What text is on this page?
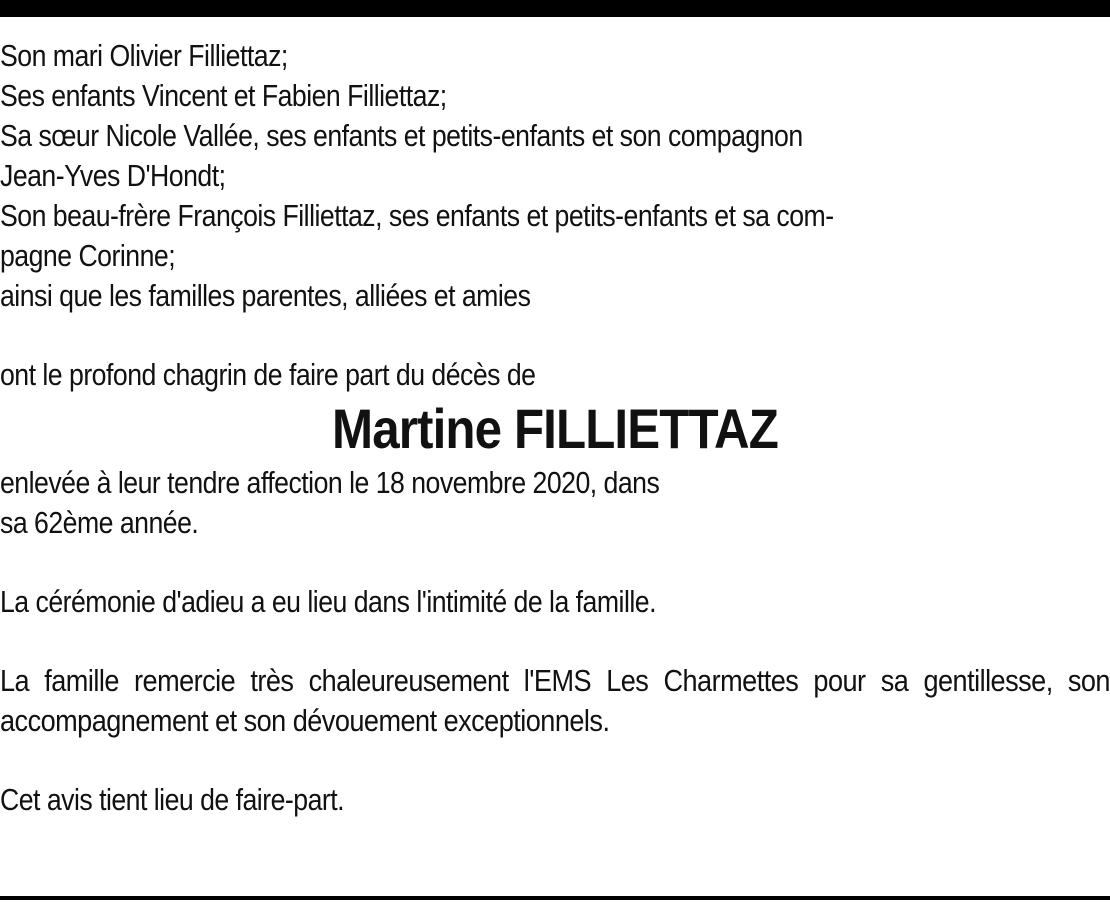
Son mari Olivier Filliettaz;
Ses enfants Vincent et Fabien Filliettaz;
Sa sœur Nicole Vallée, ses enfants et petits-enfants et son compagnon
Jean-Yves D'Hondt;
Son beau-frère François Filliettaz, ses enfants et petits-enfants et sa com-
pagne Corinne;
ainsi que les familles parentes, alliées et amies
ont le profond chagrin de faire part du décès de
Martine FILLIETTAZ
enlevée à leur tendre affection le 18 novembre 2020, dans
sa 62ème année.
La cérémonie d'adieu a eu lieu dans l'intimité de la famille.
La famille remercie très chaleureusement l'EMS Les Charmettes pour sa gentillesse, son accompagnement et son dévouement exceptionnels.
Cet avis tient lieu de faire-part.
